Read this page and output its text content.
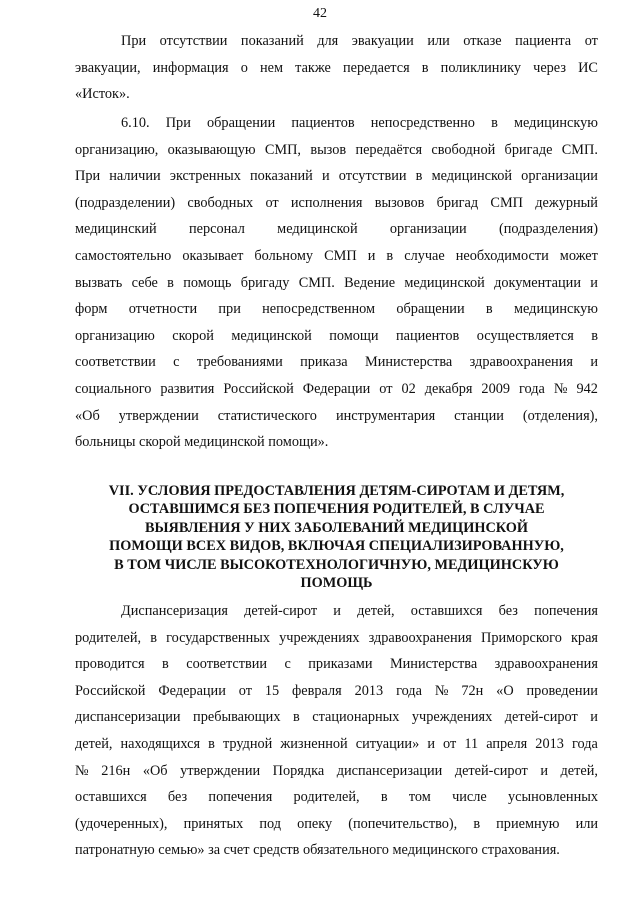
42
При отсутствии показаний для эвакуации или отказе пациента от
эвакуации, информация о нем также передается в поликлинику через ИС
«Исток».
6.10. При обращении пациентов непосредственно в медицинскую
организацию, оказывающую СМП, вызов передаётся свободной бригаде СМП.
При наличии экстренных показаний и отсутствии в медицинской организации
(подразделении) свободных от исполнения вызовов бригад СМП дежурный
медицинский персонал медицинской организации (подразделения)
самостоятельно оказывает больному СМП и в случае необходимости может
вызвать себе в помощь бригаду СМП. Ведение медицинской документации и
форм отчетности при непосредственном обращении в медицинскую
организацию скорой медицинской помощи пациентов осуществляется в
соответствии с требованиями приказа Министерства здравоохранения и
социального развития Российской Федерации от 02 декабря 2009 года № 942
«Об утверждении статистического инструментария станции (отделения),
больницы скорой медицинской помощи».
VII. УСЛОВИЯ ПРЕДОСТАВЛЕНИЯ ДЕТЯМ-СИРОТАМ И ДЕТЯМ,
ОСТАВШИМСЯ БЕЗ ПОПЕЧЕНИЯ РОДИТЕЛЕЙ, В СЛУЧАЕ
ВЫЯВЛЕНИЯ У НИХ ЗАБОЛЕВАНИЙ МЕДИЦИНСКОЙ
ПОМОЩИ ВСЕХ ВИДОВ, ВКЛЮЧАЯ СПЕЦИАЛИЗИРОВАННУЮ,
В ТОМ ЧИСЛЕ ВЫСОКОТЕХНОЛОГИЧНУЮ, МЕДИЦИНСКУЮ
ПОМОЩЬ
Диспансеризация детей-сирот и детей, оставшихся без попечения
родителей, в государственных учреждениях здравоохранения Приморского края
проводится в соответствии с приказами Министерства здравоохранения
Российской Федерации от 15 февраля 2013 года № 72н «О проведении
диспансеризации пребывающих в стационарных учреждениях детей-сирот и
детей, находящихся в трудной жизненной ситуации» и от 11 апреля 2013 года
№ 216н «Об утверждении Порядка диспансеризации детей-сирот и детей,
оставшихся без попечения родителей, в том числе усыновленных
(удочеренных), принятых под опеку (попечительство), в приемную или
патронатную семью» за счет средств обязательного медицинского страхования.
